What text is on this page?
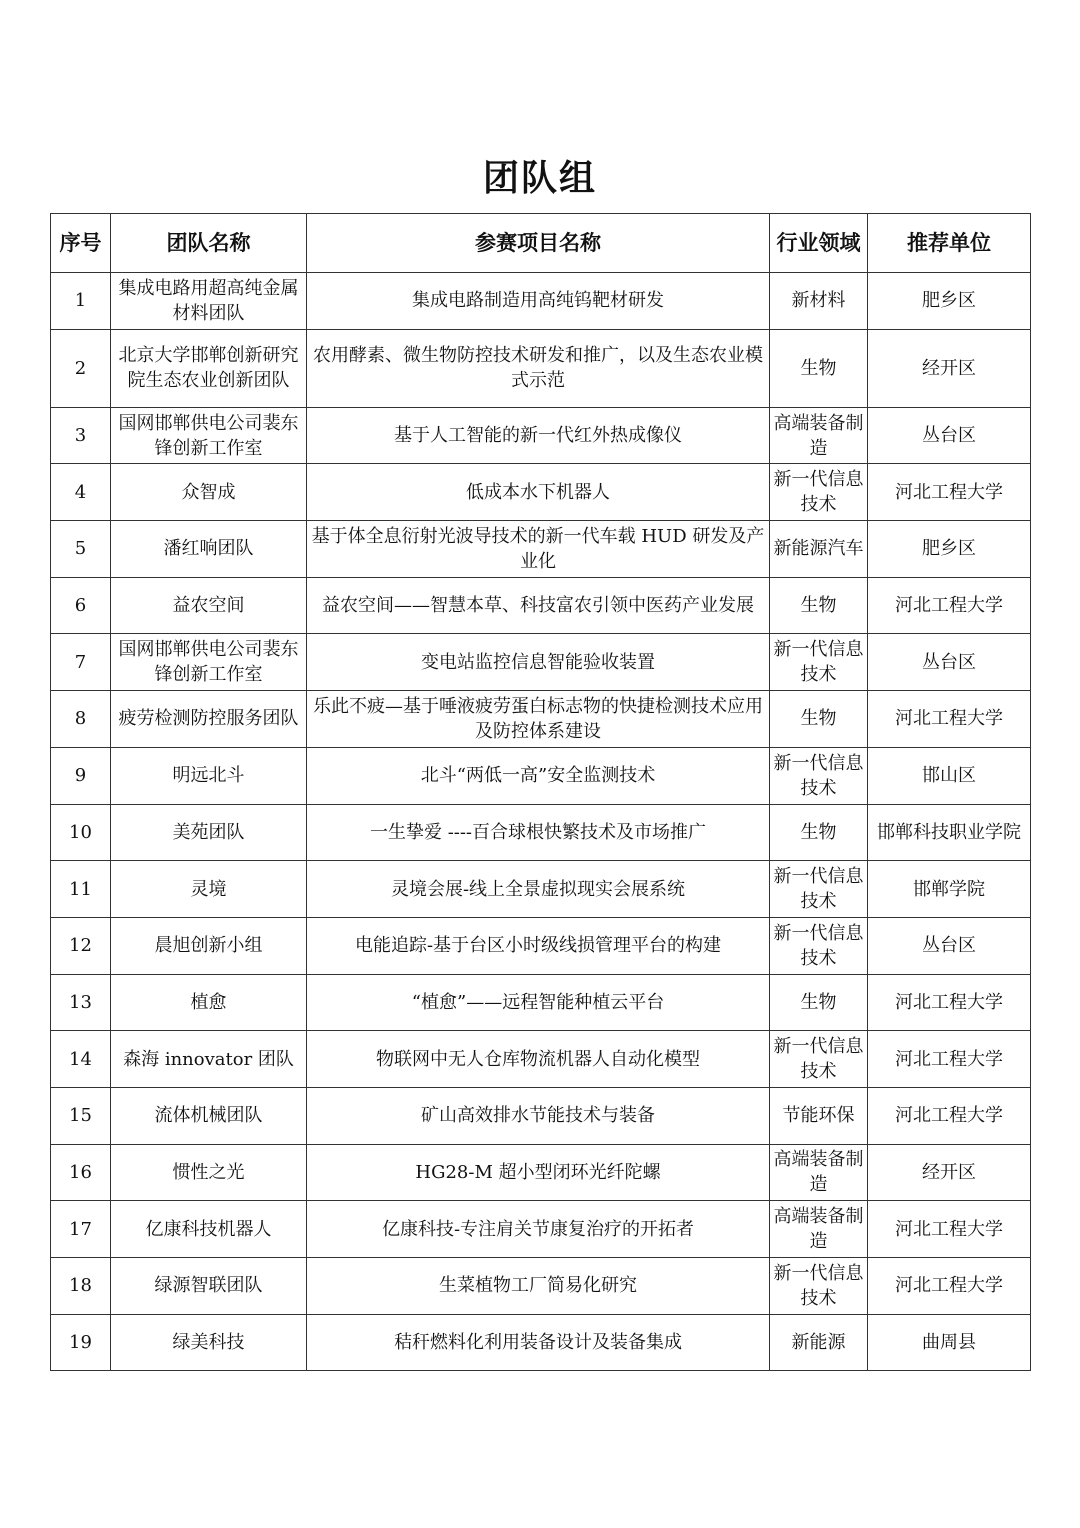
团队组
序号	团队名称	参赛项目名称	行业领域	推荐单位
1	集成电路用超高纯金属材料团队	集成电路制造用高纯钨靶材研发	新材料	肥乡区
2	北京大学邯郸创新研究院生态农业创新团队	农用酵素、微生物防控技术研发和推广，以及生态农业模式示范	生物	经开区
3	国网邯郸供电公司裴东锋创新工作室	基于人工智能的新一代红外热成像仪	高端装备制造	丛台区
4	众智成	低成本水下机器人	新一代信息技术	河北工程大学
5	潘红响团队	基于体全息衍射光波导技术的新一代车载 HUD 研发及产业化	新能源汽车	肥乡区
6	益农空间	益农空间——智慧本草、科技富农引领中医药产业发展	生物	河北工程大学
7	国网邯郸供电公司裴东锋创新工作室	变电站监控信息智能验收装置	新一代信息技术	丛台区
8	疲劳检测防控服务团队	乐此不疲—基于唾液疲劳蛋白标志物的快捷检测技术应用及防控体系建设	生物	河北工程大学
9	明远北斗	北斗“两低一高”安全监测技术	新一代信息技术	邯山区
10	美苑团队	一生挚爱 ----百合球根快繁技术及市场推广	生物	邯郸科技职业学院
11	灵境	灵境会展-线上全景虚拟现实会展系统	新一代信息技术	邯郸学院
12	晨旭创新小组	电能追踪-基于台区小时级线损管理平台的构建	新一代信息技术	丛台区
13	植愈	“植愈”——远程智能种植云平台	生物	河北工程大学
14	森海 innovator 团队	物联网中无人仓库物流机器人自动化模型	新一代信息技术	河北工程大学
15	流体机械团队	矿山高效排水节能技术与装备	节能环保	河北工程大学
16	惯性之光	HG28-M 超小型闭环光纤陀螺	高端装备制造	经开区
17	亿康科技机器人	亿康科技-专注肩关节康复治疗的开拓者	高端装备制造	河北工程大学
18	绿源智联团队	生菜植物工厂简易化研究	新一代信息技术	河北工程大学
19	绿美科技	秸秆燃料化利用装备设计及装备集成	新能源	曲周县
